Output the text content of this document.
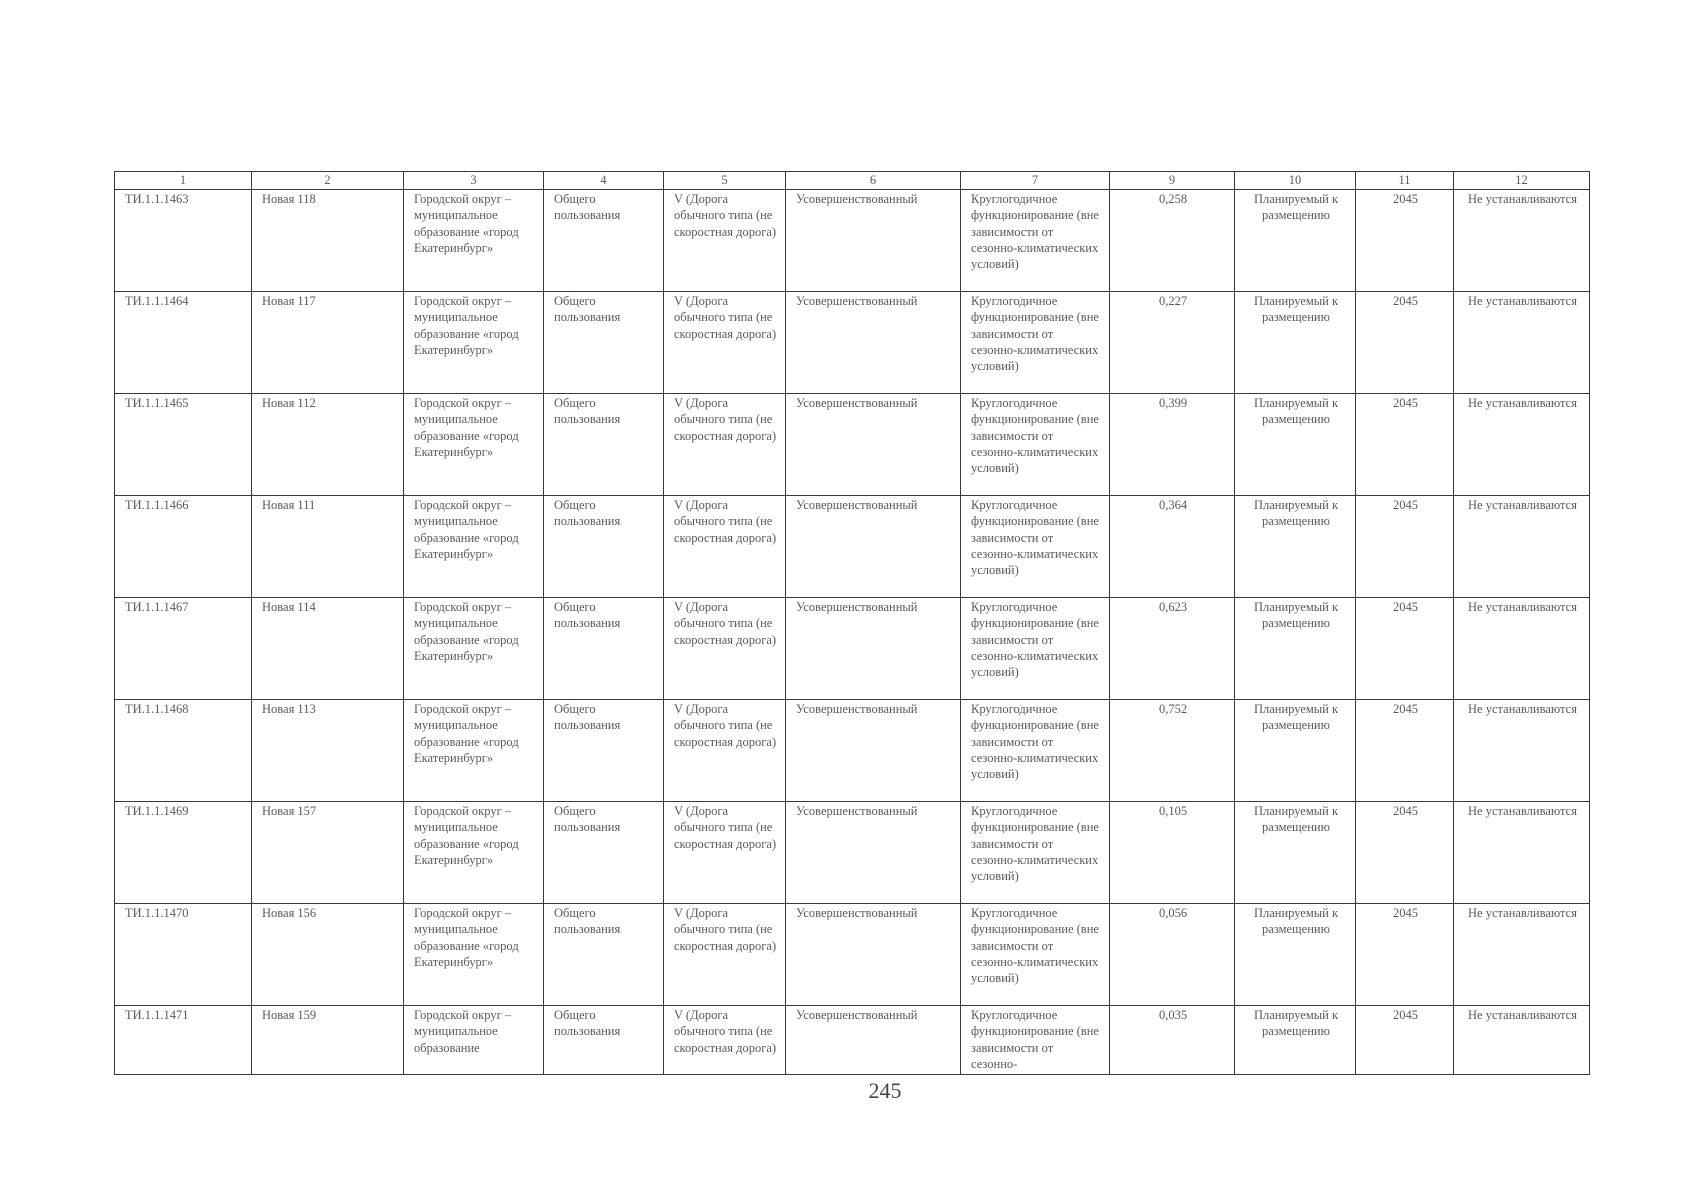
1	2	3	4	5	6	7	9	10	11	12
ТИ.1.1.1463	Новая 118	Городской округ – муниципальное образование «город Екатеринбург»	Общего пользования	V (Дорога обычного типа (не скоростная дорога)	Усовершенствованный	Круглогодичное функционирование (вне зависимости от сезонно-климатических условий)	0,258	Планируемый к размещению	2045	Не устанавливаются
ТИ.1.1.1464	Новая 117	Городской округ – муниципальное образование «город Екатеринбург»	Общего пользования	V (Дорога обычного типа (не скоростная дорога)	Усовершенствованный	Круглогодичное функционирование (вне зависимости от сезонно-климатических условий)	0,227	Планируемый к размещению	2045	Не устанавливаются
ТИ.1.1.1465	Новая 112	Городской округ – муниципальное образование «город Екатеринбург»	Общего пользования	V (Дорога обычного типа (не скоростная дорога)	Усовершенствованный	Круглогодичное функционирование (вне зависимости от сезонно-климатических условий)	0,399	Планируемый к размещению	2045	Не устанавливаются
ТИ.1.1.1466	Новая 111	Городской округ – муниципальное образование «город Екатеринбург»	Общего пользования	V (Дорога обычного типа (не скоростная дорога)	Усовершенствованный	Круглогодичное функционирование (вне зависимости от сезонно-климатических условий)	0,364	Планируемый к размещению	2045	Не устанавливаются
ТИ.1.1.1467	Новая 114	Городской округ – муниципальное образование «город Екатеринбург»	Общего пользования	V (Дорога обычного типа (не скоростная дорога)	Усовершенствованный	Круглогодичное функционирование (вне зависимости от сезонно-климатических условий)	0,623	Планируемый к размещению	2045	Не устанавливаются
ТИ.1.1.1468	Новая 113	Городской округ – муниципальное образование «город Екатеринбург»	Общего пользования	V (Дорога обычного типа (не скоростная дорога)	Усовершенствованный	Круглогодичное функционирование (вне зависимости от сезонно-климатических условий)	0,752	Планируемый к размещению	2045	Не устанавливаются
ТИ.1.1.1469	Новая 157	Городской округ – муниципальное образование «город Екатеринбург»	Общего пользования	V (Дорога обычного типа (не скоростная дорога)	Усовершенствованный	Круглогодичное функционирование (вне зависимости от сезонно-климатических условий)	0,105	Планируемый к размещению	2045	Не устанавливаются
ТИ.1.1.1470	Новая 156	Городской округ – муниципальное образование «город Екатеринбург»	Общего пользования	V (Дорога обычного типа (не скоростная дорога)	Усовершенствованный	Круглогодичное функционирование (вне зависимости от сезонно-климатических условий)	0,056	Планируемый к размещению	2045	Не устанавливаются
ТИ.1.1.1471	Новая 159	Городской округ – муниципальное образование	Общего пользования	V (Дорога обычного типа (не скоростная дорога)	Усовершенствованный	Круглогодичное функционирование (вне зависимости от сезонно-	0,035	Планируемый к размещению	2045	Не устанавливаются
245
